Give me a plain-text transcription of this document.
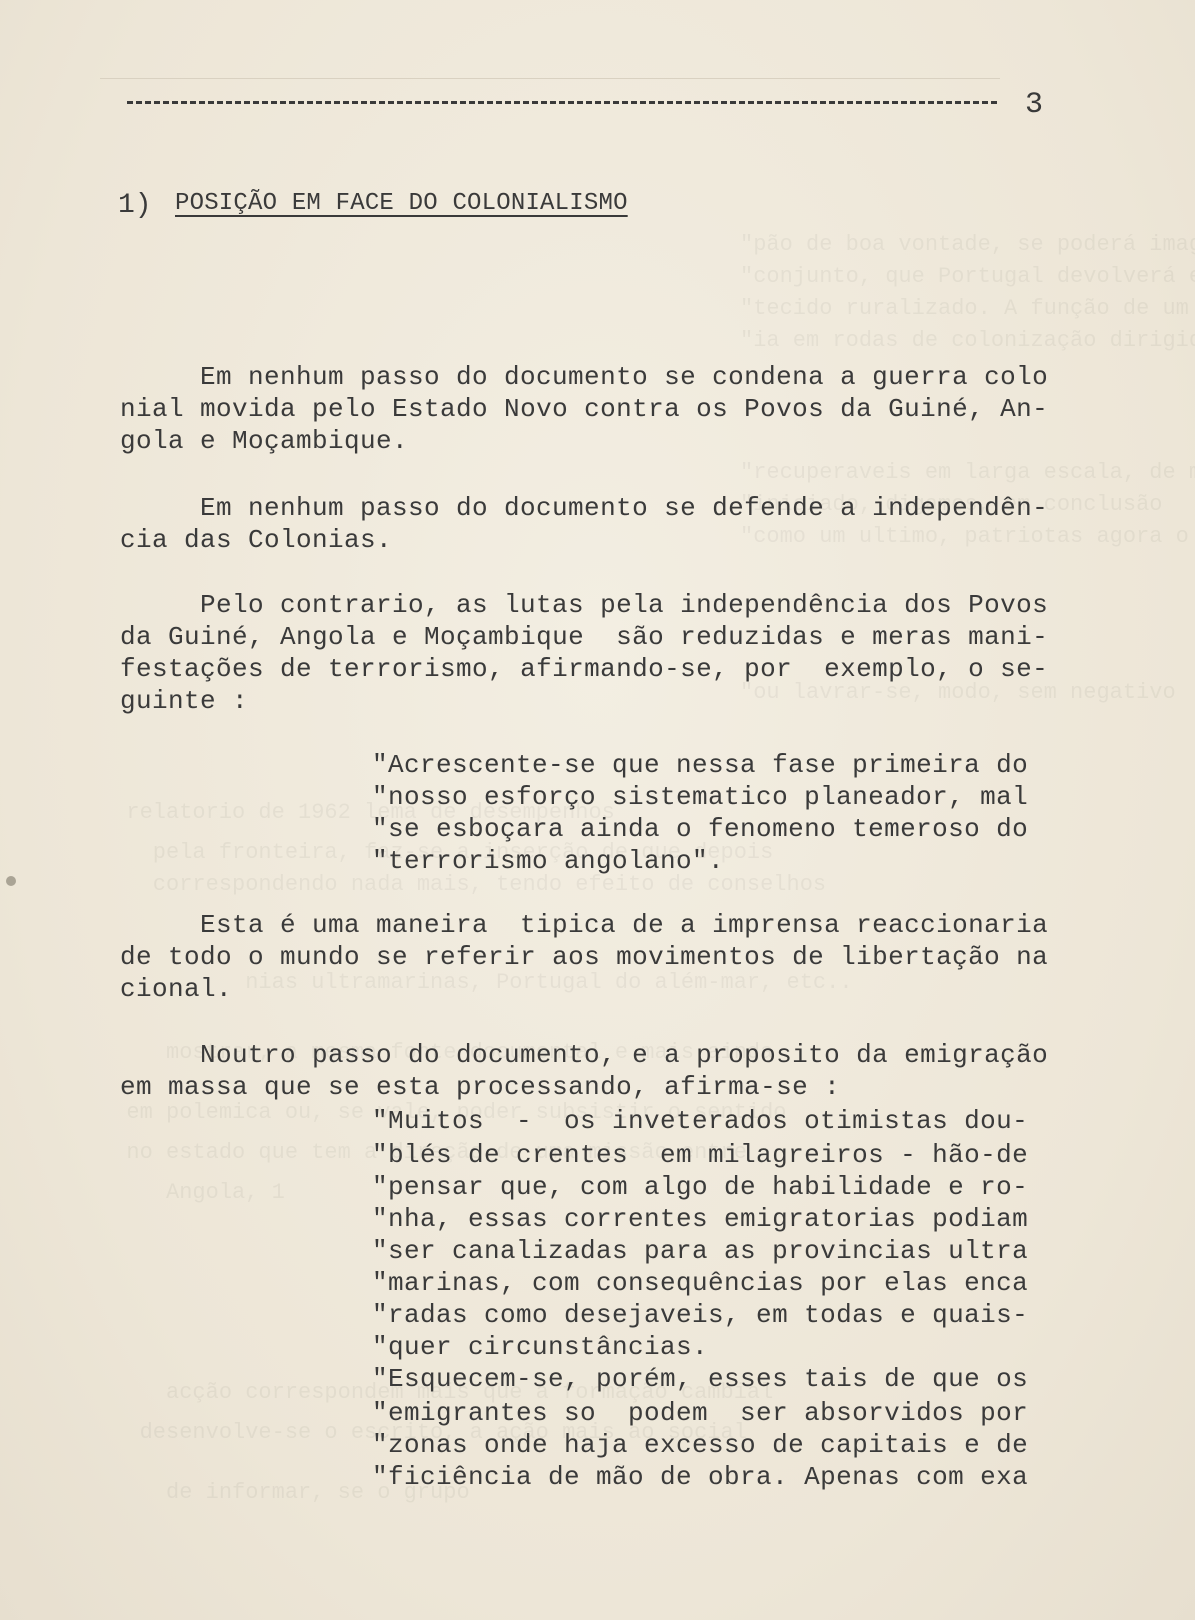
3
1) POSIÇÃO EM FACE DO COLONIALISMO
Em nenhum passo do documento se condena a guerra colo
nial movida pelo Estado Novo contra os Povos da Guiné, An-
gola e Moçambique.
Em nenhum passo do documento se defende a independên-
cia das Colonias.
Pelo contrario, as lutas pela independência dos Povos
da Guiné, Angola e Moçambique  são reduzidas e meras mani-
festações de terrorismo, afirmando-se, por  exemplo, o se-
guinte :
"Acrescente-se que nessa fase primeira do
"nosso esforço sistematico planeador, mal
"se esboçara ainda o fenomeno temeroso do
"terrorismo angolano".
Esta é uma maneira  tipica de a imprensa reaccionaria
de todo o mundo se referir aos movimentos de libertação na
cional.
Noutro passo do documento, e a proposito da emigração
em massa que se esta processando, afirma-se :
"Muitos  -  os inveterados otimistas dou-
"blés de crentes  em milagreiros - hão-de
"pensar que, com algo de habilidade e ro-
"nha, essas correntes emigratorias podiam
"ser canalizadas para as provincias ultra
"marinas, com consequências por elas enca
"radas como desejaveis, em todas e quais-
"quer circunstâncias.
"Esquecem-se, porém, esses tais de que os
"emigrantes so  podem  ser absorvidos por
"zonas onde haja excesso de capitais e de
"ficiência de mão de obra. Apenas com exa
